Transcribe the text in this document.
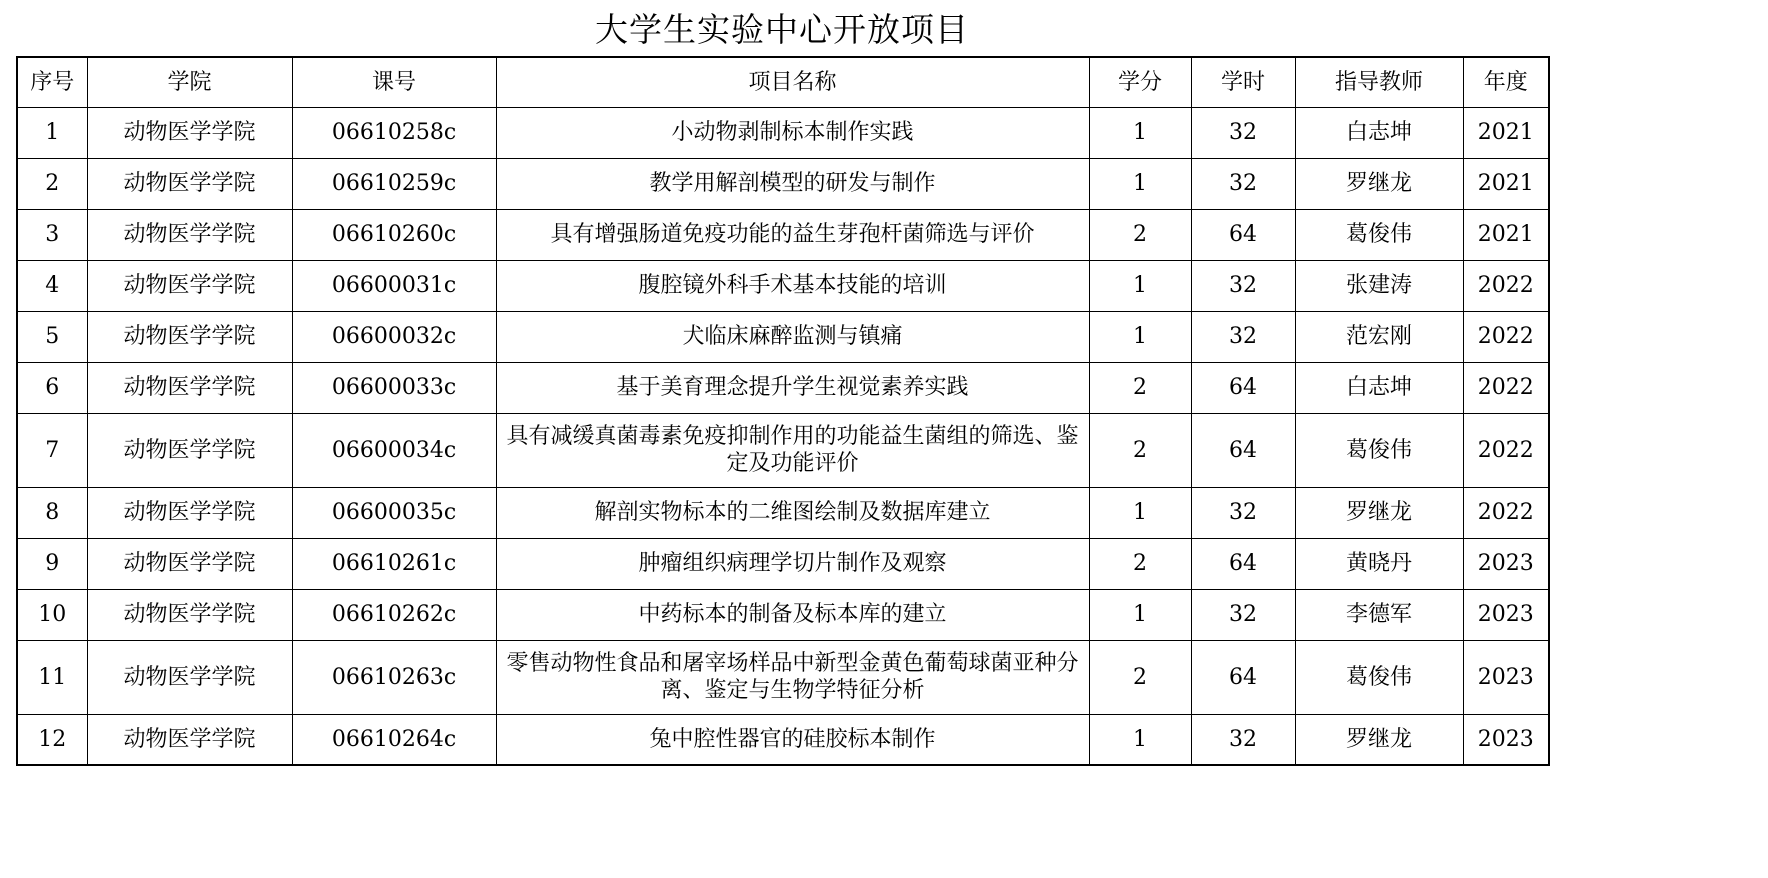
大学生实验中心开放项目
序号	学院	课号	项目名称	学分	学时	指导教师	年度
1	动物医学学院	06610258c	小动物剥制标本制作实践	1	32	白志坤	2021
2	动物医学学院	06610259c	教学用解剖模型的研发与制作	1	32	罗继龙	2021
3	动物医学学院	06610260c	具有增强肠道免疫功能的益生芽孢杆菌筛选与评价	2	64	葛俊伟	2021
4	动物医学学院	06600031c	腹腔镜外科手术基本技能的培训	1	32	张建涛	2022
5	动物医学学院	06600032c	犬临床麻醉监测与镇痛	1	32	范宏刚	2022
6	动物医学学院	06600033c	基于美育理念提升学生视觉素养实践	2	64	白志坤	2022
7	动物医学学院	06600034c	具有减缓真菌毒素免疫抑制作用的功能益生菌组的筛选、鉴定及功能评价	2	64	葛俊伟	2022
8	动物医学学院	06600035c	解剖实物标本的二维图绘制及数据库建立	1	32	罗继龙	2022
9	动物医学学院	06610261c	肿瘤组织病理学切片制作及观察	2	64	黄晓丹	2023
10	动物医学学院	06610262c	中药标本的制备及标本库的建立	1	32	李德军	2023
11	动物医学学院	06610263c	零售动物性食品和屠宰场样品中新型金黄色葡萄球菌亚种分离、鉴定与生物学特征分析	2	64	葛俊伟	2023
12	动物医学学院	06610264c	兔中腔性器官的硅胶标本制作	1	32	罗继龙	2023
